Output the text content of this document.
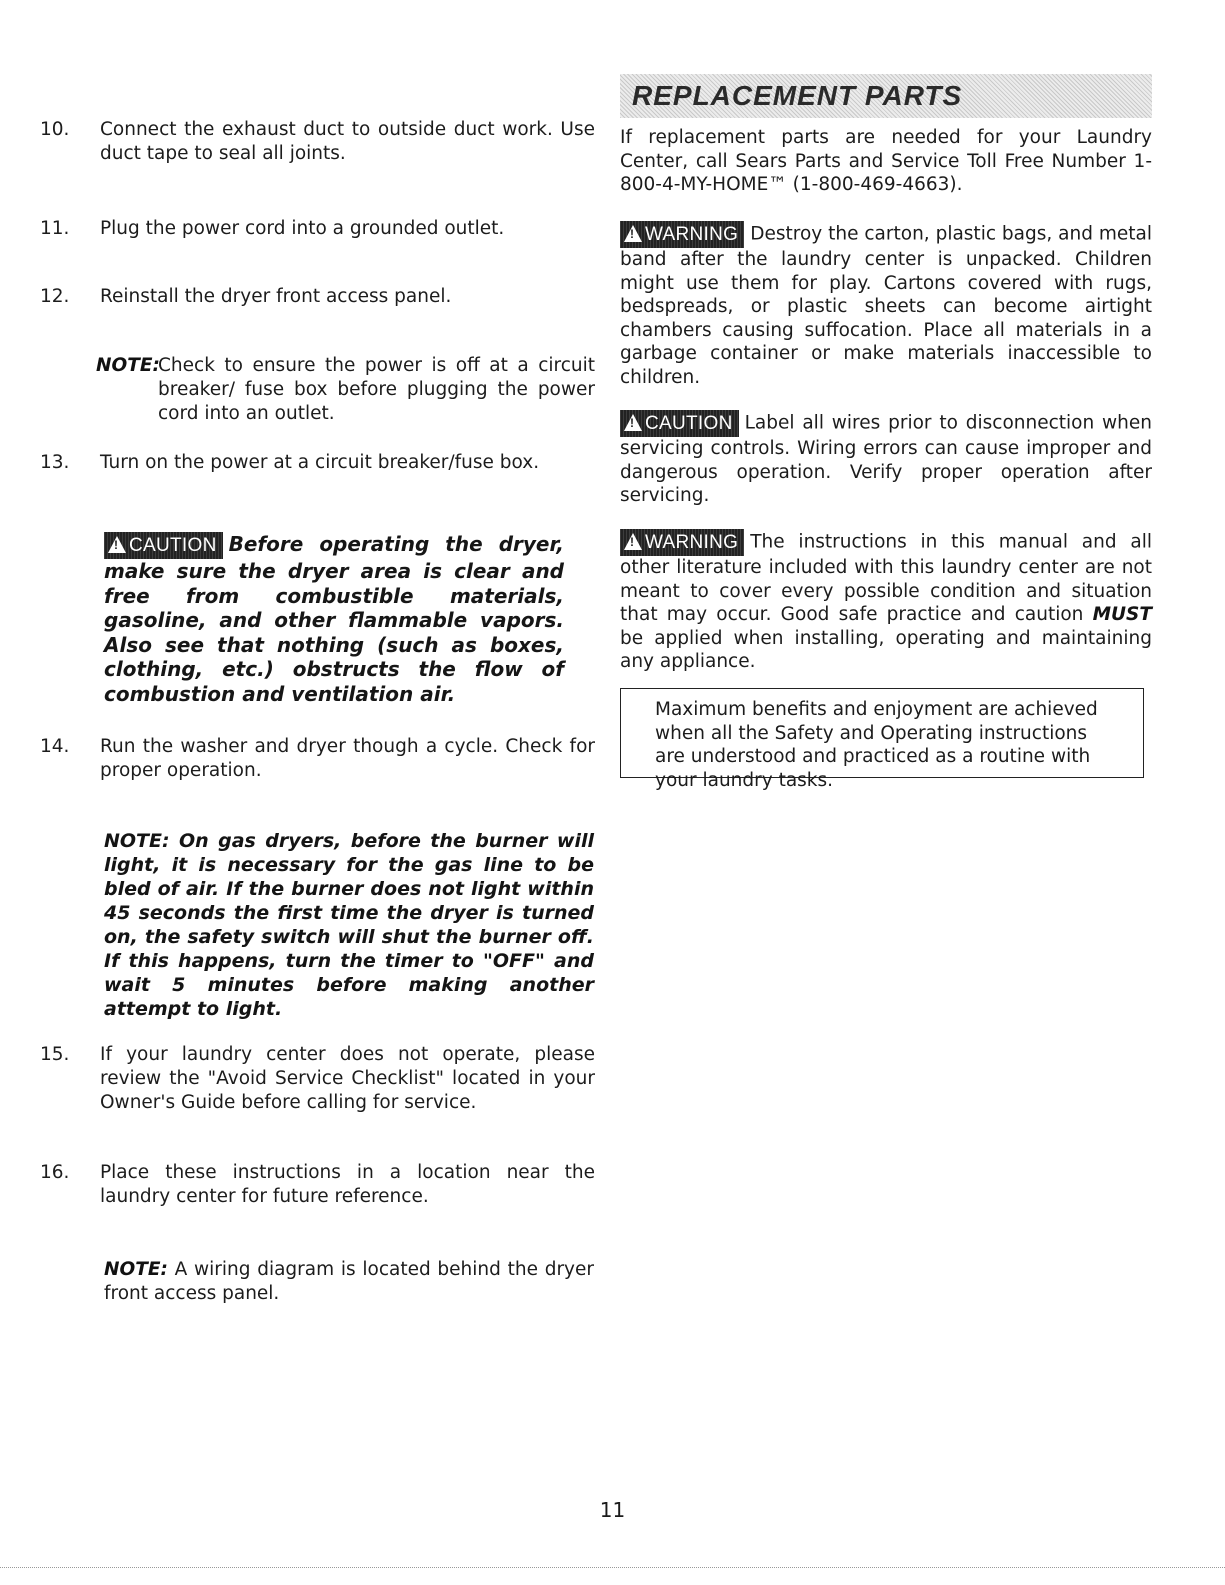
10. Connect the exhaust duct to outside duct work. Use duct tape to seal all joints.
11. Plug the power cord into a grounded outlet.
12. Reinstall the dryer front access panel.
NOTE:
Check to ensure the power is off at a circuit breaker/ fuse box before plugging the power cord into an outlet.
13. Turn on the power at a circuit breaker/fuse box.
!CAUTION Before operating the dryer, make sure the dryer area is clear and free from combustible materials, gasoline, and other flammable vapors. Also see that nothing (such as boxes, clothing, etc.) obstructs the flow of combustion and ventilation air.
14. Run the washer and dryer though a cycle. Check for proper operation.
NOTE: On gas dryers, before the burner will light, it is necessary for the gas line to be bled of air. If the burner does not light within 45 seconds the first time the dryer is turned on, the safety switch will shut the burner off. If this happens, turn the timer to "OFF" and wait 5 minutes before making another attempt to light.
15. If your laundry center does not operate, please review the "Avoid Service Checklist" located in your Owner's Guide before calling for service.
16. Place these instructions in a location near the laundry center for future reference.
NOTE: A wiring diagram is located behind the dryer front access panel.
REPLACEMENT PARTS
If replacement parts are needed for your Laundry Center, call Sears Parts and Service Toll Free Number 1-800-4-MY-HOME™ (1-800-469-4663).
!WARNING Destroy the carton, plastic bags, and metal band after the laundry center is unpacked. Children might use them for play. Cartons covered with rugs, bedspreads, or plastic sheets can become airtight chambers causing suffocation. Place all materials in a garbage container or make materials inaccessible to children.
!CAUTION Label all wires prior to disconnection when servicing controls. Wiring errors can cause improper and dangerous operation. Verify proper operation after servicing.
!WARNING The instructions in this manual and all other literature included with this laundry center are not meant to cover every possible condition and situation that may occur. Good safe practice and caution MUST be applied when installing, operating and maintaining any appliance.
Maximum benefits and enjoyment are achieved when all the Safety and Operating instructions are understood and practiced as a routine with your laundry tasks.
11
